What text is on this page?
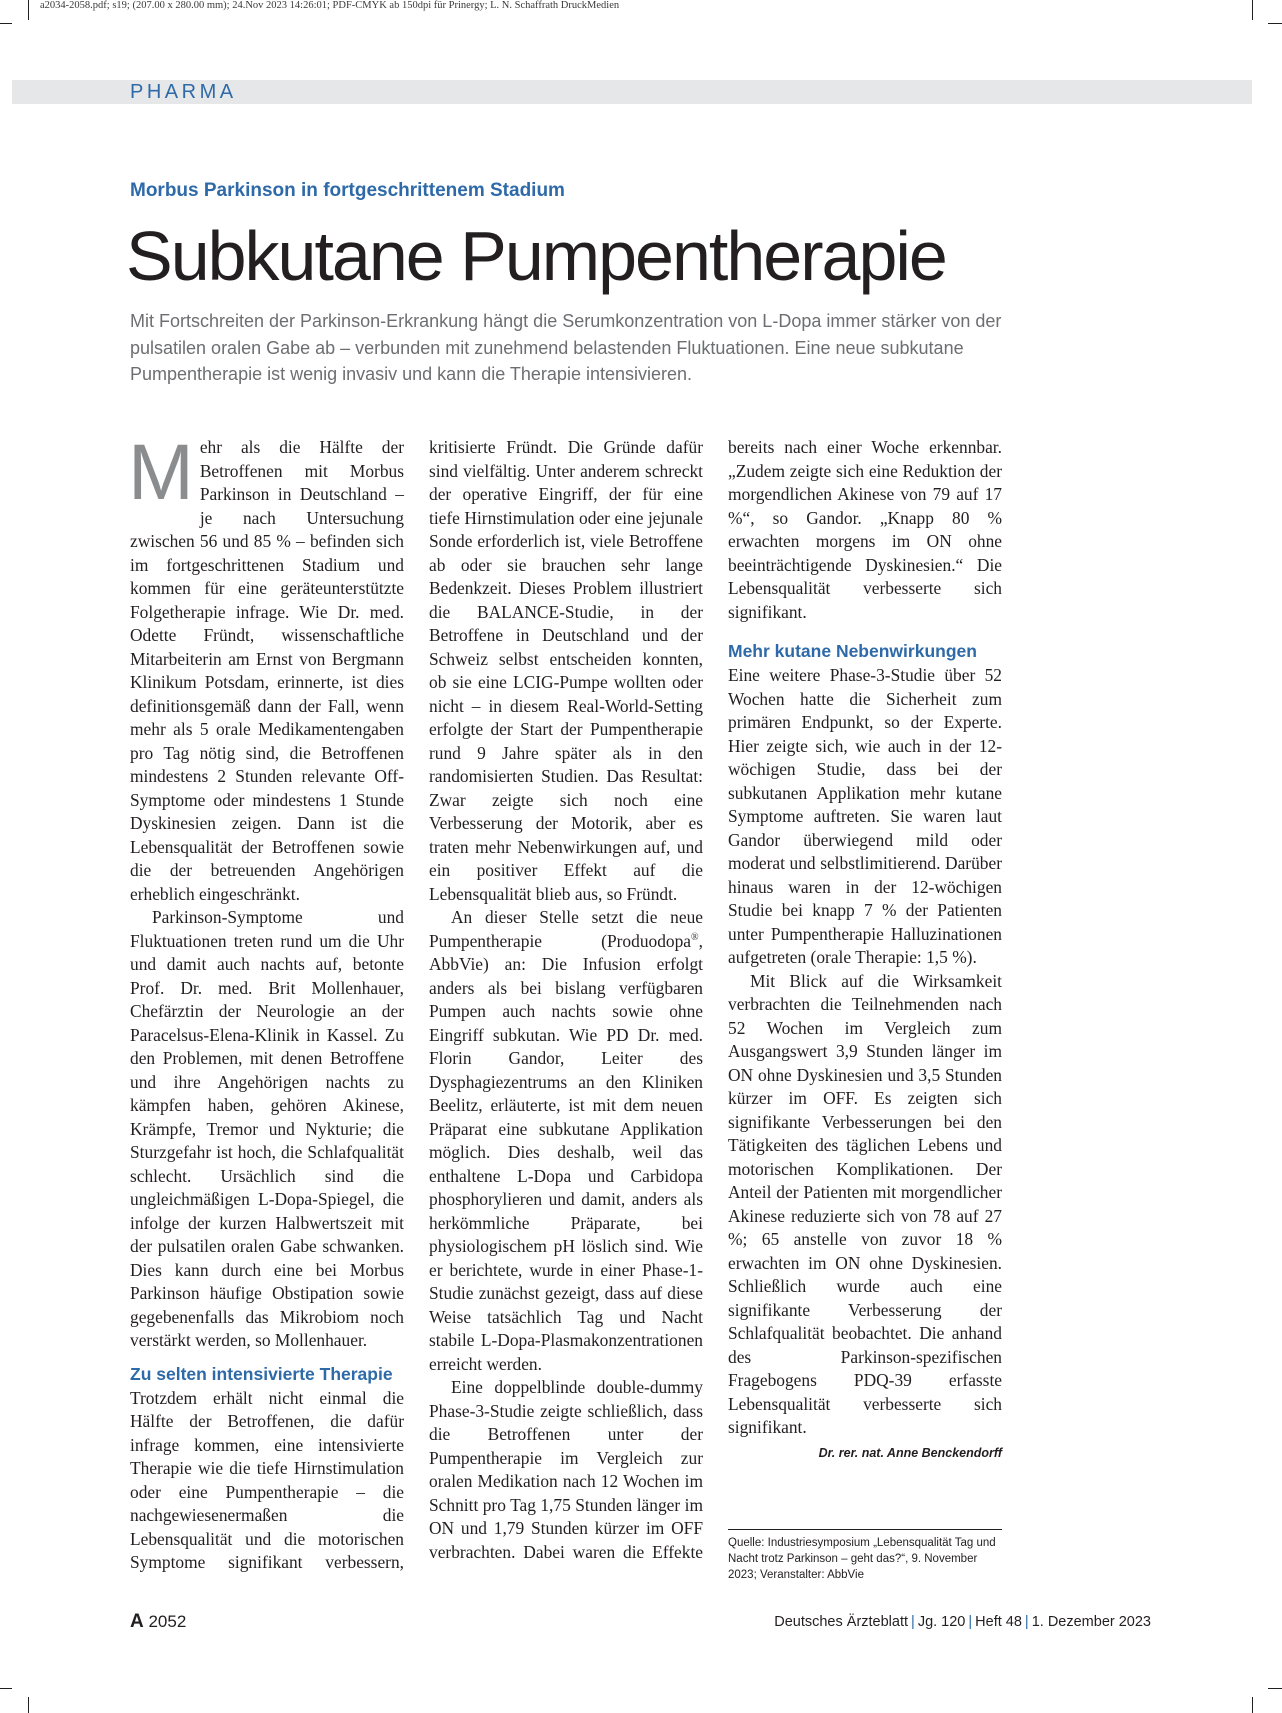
a2034-2058.pdf; s19; (207.00 x 280.00 mm); 24.Nov 2023 14:26:01; PDF-CMYK ab 150dpi für Prinergy; L. N. Schaffrath DruckMedien
PHARMA
Morbus Parkinson in fortgeschrittenem Stadium
Subkutane Pumpentherapie
Mit Fortschreiten der Parkinson-Erkrankung hängt die Serumkonzentration von L-Dopa immer stärker von der pulsatilen oralen Gabe ab – verbunden mit zunehmend belastenden Fluktuationen. Eine neue subkutane Pumpentherapie ist wenig invasiv und kann die Therapie intensivieren.

Mehr als die Hälfte der Betroffenen mit Morbus Parkinson in Deutschland – je nach Untersuchung zwischen 56 und 85 % – befinden sich im fortgeschrittenen Stadium und kommen für eine geräteunterstützte Folgetherapie infrage. Wie Dr. med. Odette Fründt, wissenschaftliche Mitarbeiterin am Ernst von Bergmann Klinikum Potsdam, erinnerte, ist dies definitionsgemäß dann der Fall, wenn mehr als 5 orale Medikamentengaben pro Tag nötig sind, die Betroffenen mindestens 2 Stunden relevante Off-Symptome oder mindestens 1 Stunde Dyskinesien zeigen. Dann ist die Lebensqualität der Betroffenen sowie die der betreuenden Angehörigen erheblich eingeschränkt.

Parkinson-Symptome und Fluktuationen treten rund um die Uhr und damit auch nachts auf, betonte Prof. Dr. med. Brit Mollenhauer, Chefärztin der Neurologie an der Paracelsus-Elena-Klinik in Kassel. Zu den Problemen, mit denen Betroffene und ihre Angehörigen nachts zu kämpfen haben, gehören Akinese, Krämpfe, Tremor und Nykturie; die Sturzgefahr ist hoch, die Schlafqualität schlecht. Ursächlich sind die ungleichmäßigen L-Dopa-Spiegel, die infolge der kurzen Halbwertszeit mit der pulsatilen oralen Gabe schwanken. Dies kann durch eine bei Morbus Parkinson häufige Obstipation sowie gegebenenfalls das Mikrobiom noch verstärkt werden, so Mollenhauer.

Zu selten intensivierte Therapie

Trotzdem erhält nicht einmal die Hälfte der Betroffenen, die dafür infrage kommen, eine intensivierte Therapie wie die tiefe Hirnstimulation oder eine Pumpentherapie – die nachgewiesenermaßen die Lebensqualität und die motorischen Symptome signifikant verbessern,

kritisierte Fründt. Die Gründe dafür sind vielfältig. Unter anderem schreckt der operative Eingriff, der für eine tiefe Hirnstimulation oder eine jejunale Sonde erforderlich ist, viele Betroffene ab oder sie brauchen sehr lange Bedenkzeit. Dieses Problem illustriert die BALANCE-Studie, in der Betroffene in Deutschland und der Schweiz selbst entscheiden konnten, ob sie eine LCIG-Pumpe wollten oder nicht – in diesem Real-World-Setting erfolgte der Start der Pumpentherapie rund 9 Jahre später als in den randomisierten Studien. Das Resultat: Zwar zeigte sich noch eine Verbesserung der Motorik, aber es traten mehr Nebenwirkungen auf, und ein positiver Effekt auf die Lebensqualität blieb aus, so Fründt.

An dieser Stelle setzt die neue Pumpentherapie (Produodopa®, AbbVie) an: Die Infusion erfolgt anders als bei bislang verfügbaren Pumpen auch nachts sowie ohne Eingriff subkutan. Wie PD Dr. med. Florin Gandor, Leiter des Dysphagiezentrums an den Kliniken Beelitz, erläuterte, ist mit dem neuen Präparat eine subkutane Applikation möglich. Dies deshalb, weil das enthaltene L-Dopa und Carbidopa phosphorylieren und damit, anders als herkömmliche Präparate, bei physiologischem pH löslich sind. Wie er berichtete, wurde in einer Phase-1-Studie zunächst gezeigt, dass auf diese Weise tatsächlich Tag und Nacht stabile L-Dopa-Plasmakonzentrationen erreicht werden.

Eine doppelblinde double-dummy Phase-3-Studie zeigte schließlich, dass die Betroffenen unter der Pumpentherapie im Vergleich zur oralen Medikation nach 12 Wochen im Schnitt pro Tag 1,75 Stunden länger im ON und 1,79 Stunden kürzer im OFF verbrachten. Dabei waren die Effekte

bereits nach einer Woche erkennbar. „Zudem zeigte sich eine Reduktion der morgendlichen Akinese von 79 auf 17 %“, so Gandor. „Knapp 80 % erwachten morgens im ON ohne beeinträchtigende Dyskinesien.“ Die Lebensqualität verbesserte sich signifikant.

Mehr kutane Nebenwirkungen

Eine weitere Phase-3-Studie über 52 Wochen hatte die Sicherheit zum primären Endpunkt, so der Experte. Hier zeigte sich, wie auch in der 12-wöchigen Studie, dass bei der subkutanen Applikation mehr kutane Symptome auftreten. Sie waren laut Gandor überwiegend mild oder moderat und selbstlimitierend. Darüber hinaus waren in der 12-wöchigen Studie bei knapp 7 % der Patienten unter Pumpentherapie Halluzinationen aufgetreten (orale Therapie: 1,5 %).

Mit Blick auf die Wirksamkeit verbrachten die Teilnehmenden nach 52 Wochen im Vergleich zum Ausgangswert 3,9 Stunden länger im ON ohne Dyskinesien und 3,5 Stunden kürzer im OFF. Es zeigten sich signifikante Verbesserungen bei den Tätigkeiten des täglichen Lebens und motorischen Komplikationen. Der Anteil der Patienten mit morgendlicher Akinese reduzierte sich von 78 auf 27 %; 65 anstelle von zuvor 18 % erwachten im ON ohne Dyskinesien. Schließlich wurde auch eine signifikante Verbesserung der Schlafqualität beobachtet. Die anhand des Parkinson-spezifischen Fragebogens PDQ-39 erfasste Lebensqualität verbesserte sich signifikant.
Dr. rer. nat. Anne Benckendorff

Quelle: Industriesymposium „Lebensqualität Tag und Nacht trotz Parkinson – geht das?“, 9. November 2023; Veranstalter: AbbVie
A 2052	Deutsches Ärzteblatt | Jg. 120 | Heft 48 | 1. Dezember 2023
